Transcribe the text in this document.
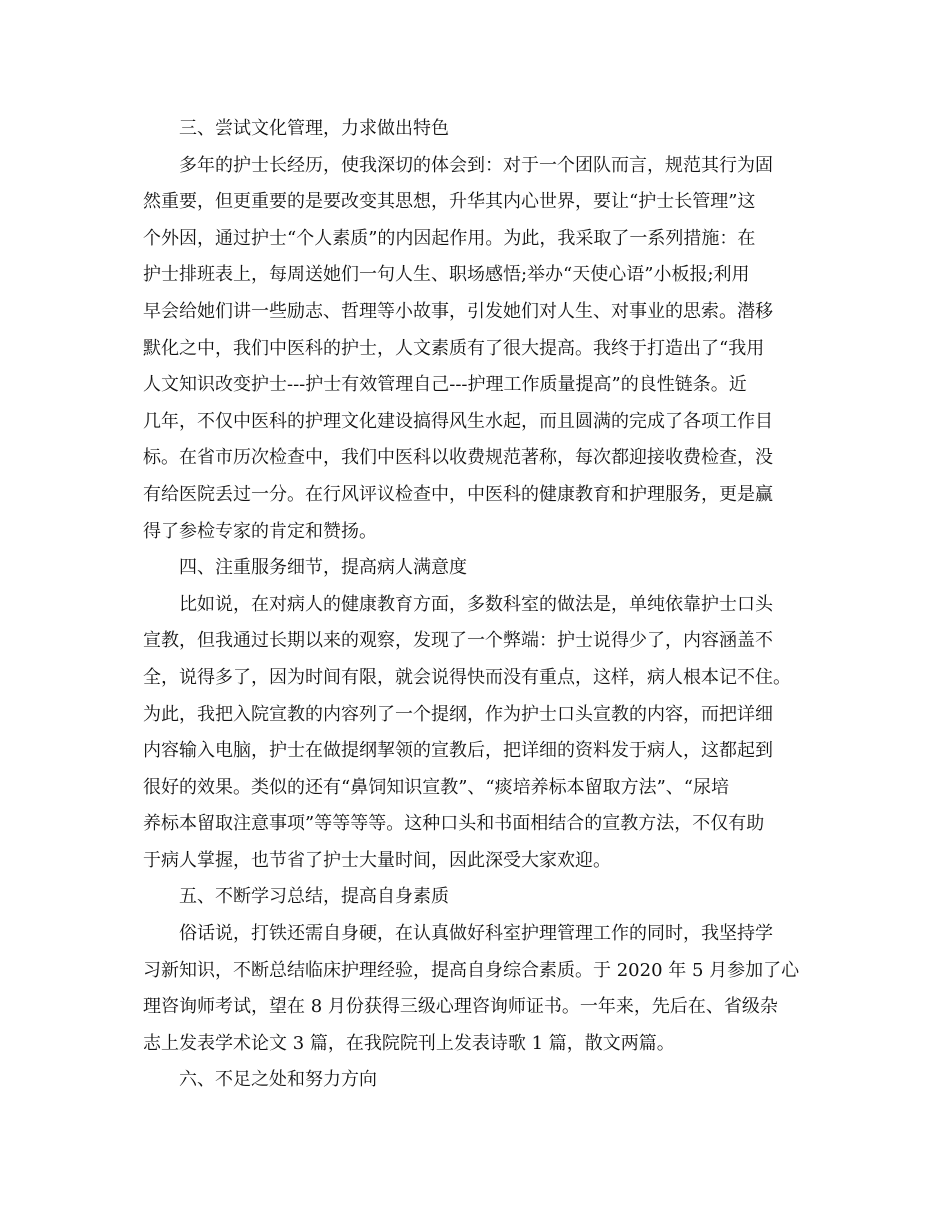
三、尝试文化管理，力求做出特色
多年的护士长经历，使我深切的体会到：对于一个团队而言，规范其行为固
然重要，但更重要的是要改变其思想，升华其内心世界，要让“护士长管理”这
个外因，通过护士“个人素质”的内因起作用。为此，我采取了一系列措施：在
护士排班表上，每周送她们一句人生、职场感悟;举办“天使心语”小板报;利用
早会给她们讲一些励志、哲理等小故事，引发她们对人生、对事业的思索。潜移
默化之中，我们中医科的护士，人文素质有了很大提高。我终于打造出了“我用
人文知识改变护士---护士有效管理自己---护理工作质量提高”的良性链条。近
几年，不仅中医科的护理文化建设搞得风生水起，而且圆满的完成了各项工作目
标。在省市历次检查中，我们中医科以收费规范著称，每次都迎接收费检查，没
有给医院丢过一分。在行风评议检查中，中医科的健康教育和护理服务，更是赢
得了参检专家的肯定和赞扬。
四、注重服务细节，提高病人满意度
比如说，在对病人的健康教育方面，多数科室的做法是，单纯依靠护士口头
宣教，但我通过长期以来的观察，发现了一个弊端：护士说得少了，内容涵盖不
全，说得多了，因为时间有限，就会说得快而没有重点，这样，病人根本记不住。
为此，我把入院宣教的内容列了一个提纲，作为护士口头宣教的内容，而把详细
内容输入电脑，护士在做提纲挈领的宣教后，把详细的资料发于病人，这都起到
很好的效果。类似的还有“鼻饲知识宣教”、“痰培养标本留取方法”、“尿培
养标本留取注意事项”等等等等。这种口头和书面相结合的宣教方法，不仅有助
于病人掌握，也节省了护士大量时间，因此深受大家欢迎。
五、不断学习总结，提高自身素质
俗话说，打铁还需自身硬，在认真做好科室护理管理工作的同时，我坚持学
习新知识，不断总结临床护理经验，提高自身综合素质。于 2020 年 5 月参加了心
理咨询师考试，望在 8 月份获得三级心理咨询师证书。一年来，先后在、省级杂
志上发表学术论文 3 篇，在我院院刊上发表诗歌 1 篇，散文两篇。
六、不足之处和努力方向
